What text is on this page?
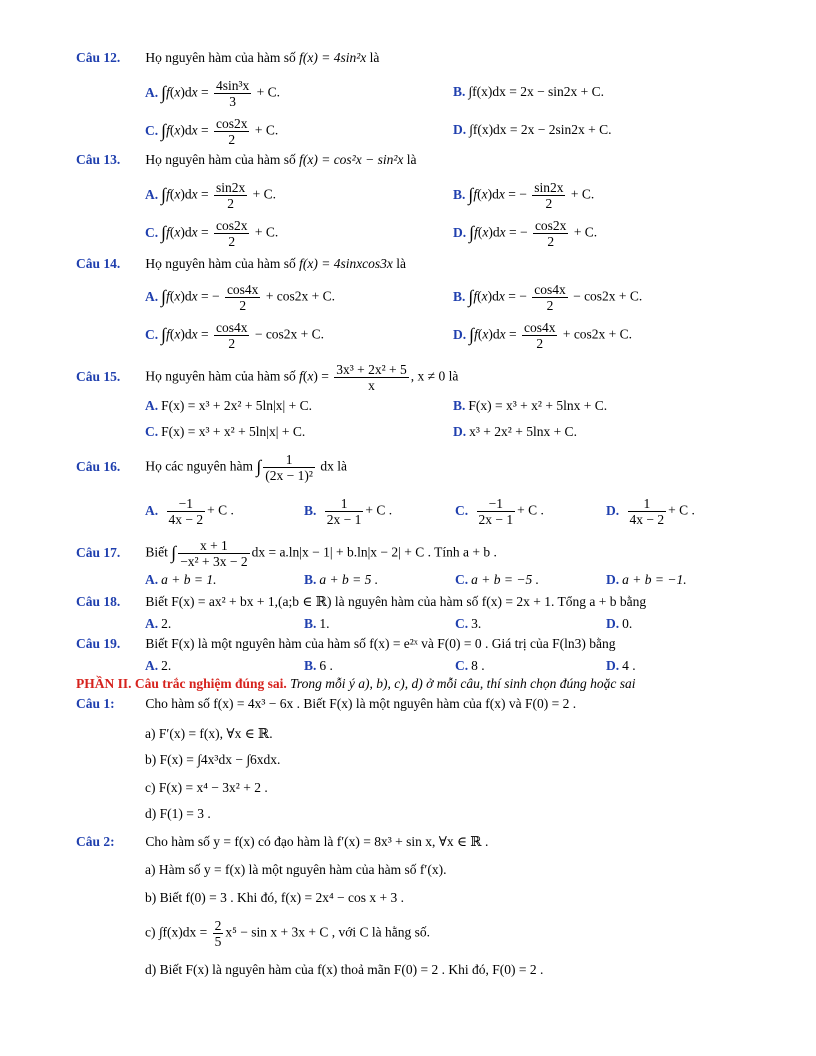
Câu 12. Họ nguyên hàm của hàm số f(x) = 4sin²x là
A. $\int f(x)dx = \frac{\text{4sin³x}}{3} + C$.	B. ∫f(x)dx = 2x − sin2x + C.
C. $\int f(x)dx = \frac{\cos 2x}{2} + C$.	D. ∫f(x)dx = 2x − 2sin2x + C.
Câu 13. Họ nguyên hàm của hàm số f(x) = cos²x − sin²x là
A. $\int f(x)dx = \frac{\sin 2x}{2} + C$.	B. ∫f(x)dx = − $\frac{\sin 2x}{2} + C$.
C. $\int f(x)dx = \frac{\cos 2x}{2} + C$.	D. ∫f(x)dx = − $\frac{\cos 2x}{2} + C$.
Câu 14. Họ nguyên hàm của hàm số f(x) = 4sinxcos3x là
A. ∫f(x)dx = − $\frac{\cos 4x}{2} + \cos 2x + C$.	B. ∫f(x)dx = − $\frac{\cos 4x}{2} - \cos 2x + C$.
C. $\int f(x)dx = \frac{\cos 4x}{2} - \cos 2x + C$.	D. $\int f(x)dx = \frac{\cos 4x}{2} + \cos 2x + C$.
Câu 15. Họ nguyên hàm của hàm số $f(x) = \frac{\text{3x³ + 2x² + 5}}{x}$ , x ≠ 0 là
A. F(x) = x³ + 2x² + 5ln|x| + C.	B. F(x) = x³ + x² + 5lnx + C.
C. F(x) = x³ + x² + 5ln|x| + C.	D. x³ + 2x² + 5lnx + C.
Câu 16. Họ các nguyên hàm ∫ $\frac{1}{\text{(2x − 1)²}}$ dx là
A. $\frac{-1}{4x - 2} + C$ .	B. $\frac{1}{2x - 1} + C$ .	C. $\frac{-1}{2x - 1} + C$ .	D. $\frac{1}{4x - 2} + C$ .
Câu 17. Biết ∫ $\frac{x + 1}{\text{−x² + 3x − 2}}$ dx = a.ln|x − 1| + b.ln|x − 2| + C . Tính a + b .
A. a + b = 1.	B. a + b = 5 .	C. a + b = −5 .	D. a + b = −1.
Câu 18. Biết F(x) = ax² + bx + 1,(a;b ∈ ℝ) là nguyên hàm của hàm số f(x) = 2x + 1. Tổng a + b bằng
A. 2.	B. 1.	C. 3.	D. 0.
Câu 19. Biết F(x) là một nguyên hàm của hàm số f(x) = e²ˣ và F(0) = 0 . Giá trị của F(ln3) bằng
A. 2.	B. 6 .	C. 8 .	D. 4 .
PHẦN II. Câu trắc nghiệm đúng sai. Trong mỗi ý a), b), c), d) ở mỗi câu, thí sinh chọn đúng hoặc sai
Câu 1: Cho hàm số f(x) = 4x³ − 6x . Biết F(x) là một nguyên hàm của f(x) và F(0) = 2 .
a) F′(x) = f(x), ∀x ∈ ℝ.
b) F(x) = ∫4x³dx − ∫6xdx.
c) F(x) = x⁴ − 3x² + 2 .
d) F(1) = 3 .
Câu 2: Cho hàm số y = f(x) có đạo hàm là f′(x) = 8x³ + sin x, ∀x ∈ ℝ .
a) Hàm số y = f(x) là một nguyên hàm của hàm số f′(x).
b) Biết f(0) = 3 . Khi đó, f(x) = 2x⁴ − cos x + 3 .
c) $\int f(x)dx = \frac{2}{5} x^5 - \sin x + 3x + C$ , với C là hằng số.
d) Biết F(x) là nguyên hàm của f(x) thoả mãn F(0) = 2 . Khi đó, F(0) = 2 .
